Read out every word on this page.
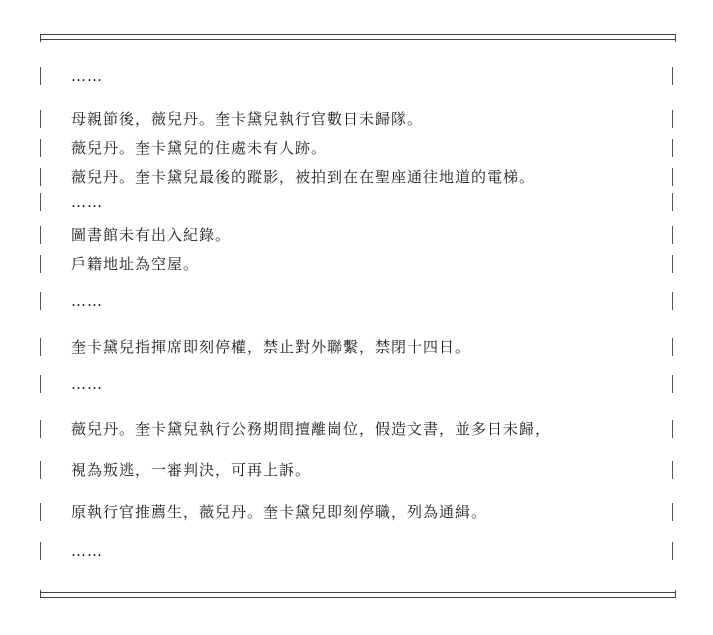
……
母親節後，薇兒丹。奎卡黛兒執行官數日未歸隊。
薇兒丹。奎卡黛兒的住處未有人跡。
薇兒丹。奎卡黛兒最後的蹤影，被拍到在在聖座通往地道的電梯。
……
圖書館未有出入紀錄。
戶籍地址為空屋。
……
奎卡黛兒指揮席即刻停權，禁止對外聯繫，禁閉十四日。
……
薇兒丹。奎卡黛兒執行公務期間擅離崗位，假造文書，並多日未歸，
視為叛逃，一審判決，可再上訴。
原執行官推薦生，薇兒丹。奎卡黛兒即刻停職，列為通緝。
……
